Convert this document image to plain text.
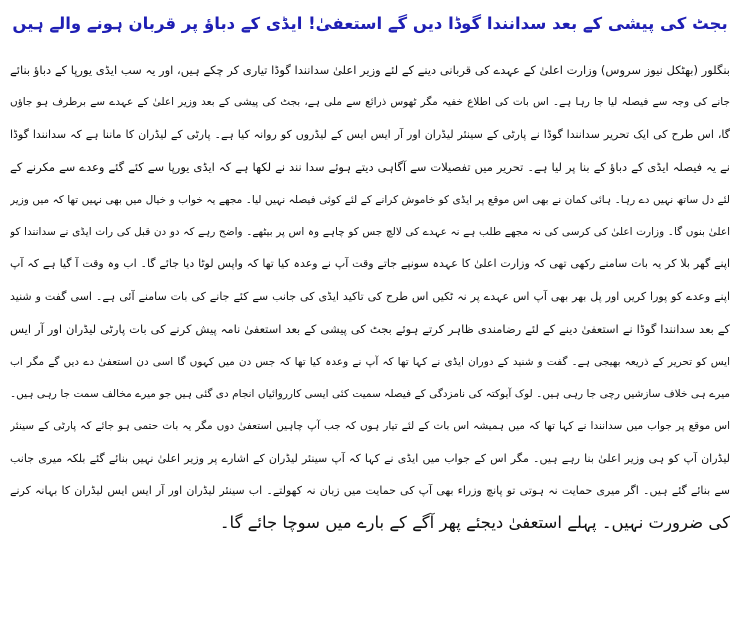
بجٹ کی پیشی کے بعد سدانندا گوڈا دیں گے استعفیٰ! ایڈی کے دباؤ پر قربان ہونے والے ہیں
بنگلور (بھٹکل نیوز سروس) وزارت اعلیٰ کے عہدے کی قربانی دینے کے لئے وزیر اعلیٰ سدانندا گوڈا تیاری کر چکے ہیں، اور یہ سب ایڈی یورپا کے دباؤ بنائے
جانے کی وجہ سے فیصلہ لیا جا رہا ہے۔ اس بات کی اطلاع خفیہ مگر ٹھوس ذرائع سے ملی ہے، بجٹ کی پیشی کے بعد وزیر اعلیٰ کے عہدے سے برطرف ہو جاؤں
گا، اس طرح کی ایک تحریر سدانندا گوڈا نے پارٹی کے سینئر لیڈران اور آر ایس ایس کے لیڈروں کو روانہ کیا ہے۔ پارٹی کے لیڈران کا ماننا ہے کہ سدانندا گوڈا
نے یہ فیصلہ ایڈی کے دباؤ کے بنا پر لیا ہے۔ تحریر میں تفصیلات سے آگاہی دیتے ہوئے سدا نند نے لکھا ہے کہ ایڈی یورپا سے کئے گئے وعدے سے مکرنے کے
لئے دل ساتھ نہیں دے رہا۔ ہائی کمان نے بھی اس موقع پر ایڈی کو خاموش کرانے کے لئے کوئی فیصلہ نہیں لیا۔ مجھے یہ خواب و خیال میں بھی نہیں تھا کہ میں وزیر
اعلیٰ بنوں گا۔ وزارت اعلیٰ کی کرسی کی نہ مجھے طلب ہے نہ عہدے کی لالچ جس کو چاہے وہ اس پر بیٹھے۔ واضح رہے کہ دو دن قبل کی رات ایڈی نے سدانندا کو
اپنے گھر بلا کر یہ بات سامنے رکھی تھی کہ وزارت اعلیٰ کا عہدہ سونپے جاتے وقت آپ نے وعدہ کیا تھا کہ واپس لوٹا دیا جائے گا۔ اب وہ وقت آ گیا ہے کہ آپ
اپنے وعدے کو پورا کریں اور پل بھر بھی آپ اس عہدے پر نہ ٹکیں اس طرح کی تاکید ایڈی کی جانب سے کئے جانے کی بات سامنے آئی ہے۔ اسی گفت و شنید
کے بعد سدانندا گوڈا نے استعفیٰ دینے کے لئے رضامندی ظاہر کرتے ہوئے بجٹ کی پیشی کے بعد استعفیٰ نامہ پیش کرنے کی بات پارٹی لیڈران اور آر ایس
ایس کو تحریر کے ذریعہ بھیجی ہے۔ گفت و شنید کے دوران ایڈی نے کہا تھا کہ آپ نے وعدہ کیا تھا کہ جس دن میں کہوں گا اسی دن استعفیٰ دے دیں گے مگر اب
میرے ہی خلاف سازشیں رچی جا رہی ہیں۔ لوک آیوکتہ کی نامزدگی کے فیصلہ سمیت کئی ایسی کارروائیاں انجام دی گئی ہیں جو میرے مخالف سمت جا رہی ہیں۔
اس موقع پر جواب میں سدانندا نے کہا تھا کہ میں ہمیشہ اس بات کے لئے تیار ہوں کہ جب آپ چاہیں استعفیٰ دوں مگر یہ بات حتمی ہو جائے کہ پارٹی کے سینئر
لیڈران آپ کو ہی وزیر اعلیٰ بنا رہے ہیں۔ مگر اس کے جواب میں ایڈی نے کہا کہ آپ سینئر لیڈران کے اشارے پر وزیر اعلیٰ نہیں بنائے گئے بلکہ میری جانب
سے بنائے گئے ہیں۔ اگر میری حمایت نہ ہوتی تو پانچ وزراء بھی آپ کی حمایت میں زبان نہ کھولتے۔ اب سینئر لیڈران اور آر ایس ایس لیڈران کا بہانہ کرنے
کی ضرورت نہیں۔ پہلے استعفیٰ دیجئے پھر آگے کے بارے میں سوچا جائے گا۔
